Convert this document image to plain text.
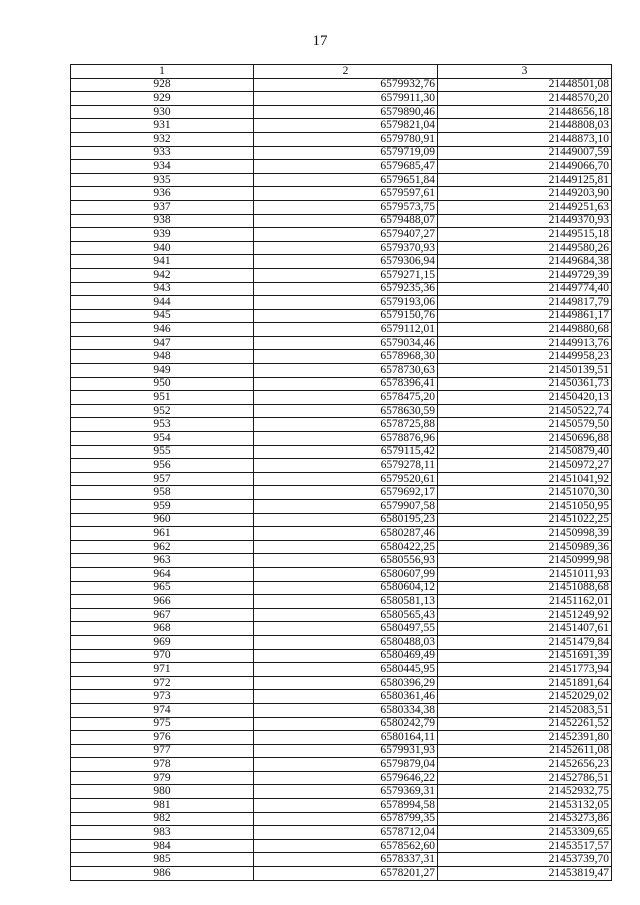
17
1	2	3
928	6579932,76	21448501,08
929	6579911,30	21448570,20
930	6579890,46	21448656,18
931	6579821,04	21448808,03
932	6579780,91	21448873,10
933	6579719,09	21449007,59
934	6579685,47	21449066,70
935	6579651,84	21449125,81
936	6579597,61	21449203,90
937	6579573,75	21449251,63
938	6579488,07	21449370,93
939	6579407,27	21449515,18
940	6579370,93	21449580,26
941	6579306,94	21449684,38
942	6579271,15	21449729,39
943	6579235,36	21449774,40
944	6579193,06	21449817,79
945	6579150,76	21449861,17
946	6579112,01	21449880,68
947	6579034,46	21449913,76
948	6578968,30	21449958,23
949	6578730,63	21450139,51
950	6578396,41	21450361,73
951	6578475,20	21450420,13
952	6578630,59	21450522,74
953	6578725,88	21450579,50
954	6578876,96	21450696,88
955	6579115,42	21450879,40
956	6579278,11	21450972,27
957	6579520,61	21451041,92
958	6579692,17	21451070,30
959	6579907,58	21451050,95
960	6580195,23	21451022,25
961	6580287,46	21450998,39
962	6580422,25	21450989,36
963	6580556,93	21450999,98
964	6580607,99	21451011,93
965	6580604,12	21451088,68
966	6580581,13	21451162,01
967	6580565,43	21451249,92
968	6580497,55	21451407,61
969	6580488,03	21451479,84
970	6580469,49	21451691,39
971	6580445,95	21451773,94
972	6580396,29	21451891,64
973	6580361,46	21452029,02
974	6580334,38	21452083,51
975	6580242,79	21452261,52
976	6580164,11	21452391,80
977	6579931,93	21452611,08
978	6579879,04	21452656,23
979	6579646,22	21452786,51
980	6579369,31	21452932,75
981	6578994,58	21453132,05
982	6578799,35	21453273,86
983	6578712,04	21453309,65
984	6578562,60	21453517,57
985	6578337,31	21453739,70
986	6578201,27	21453819,47
